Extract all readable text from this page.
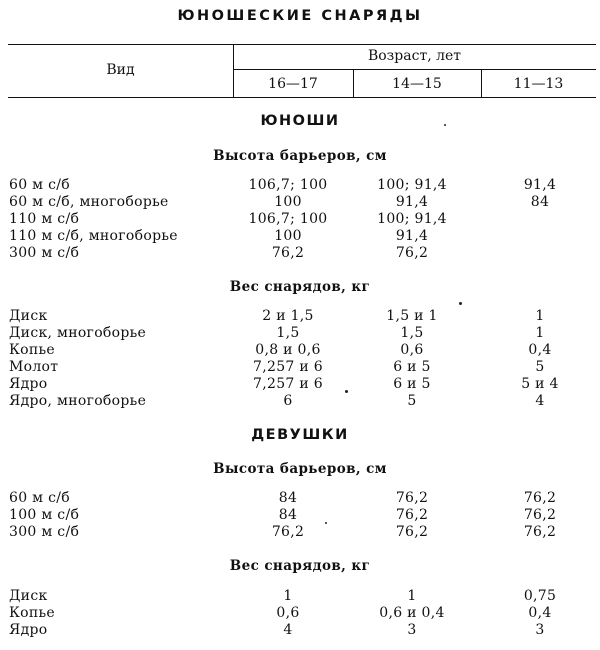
ЮНОШЕСКИЕ СНАРЯДЫ
Вид
Возраст, лет
16—17	14—15	11—13
ЮНОШИ
Высота барьеров, см
60 м с/б	106,7; 100	100; 91,4	91,4
60 м с/б, многоборье	100	91,4	84
110 м с/б	106,7; 100	100; 91,4
110 м с/б, многоборье	100	91,4
300 м с/б	76,2	76,2
Вес снарядов, кг
Диск	2 и 1,5	1,5 и 1	1
Диск, многоборье	1,5	1,5	1
Копье	0,8 и 0,6	0,6	0,4
Молот	7,257 и 6	6 и 5	5
Ядро	7,257 и 6	6 и 5	5 и 4
Ядро, многоборье	6	5	4
ДЕВУШКИ
Высота барьеров, см
60 м с/б	84	76,2	76,2
100 м с/б	84	76,2	76,2
300 м с/б	76,2	76,2	76,2
Вес снарядов, кг
Диск	1	1	0,75
Копье	0,6	0,6 и 0,4	0,4
Ядро	4	3	3
